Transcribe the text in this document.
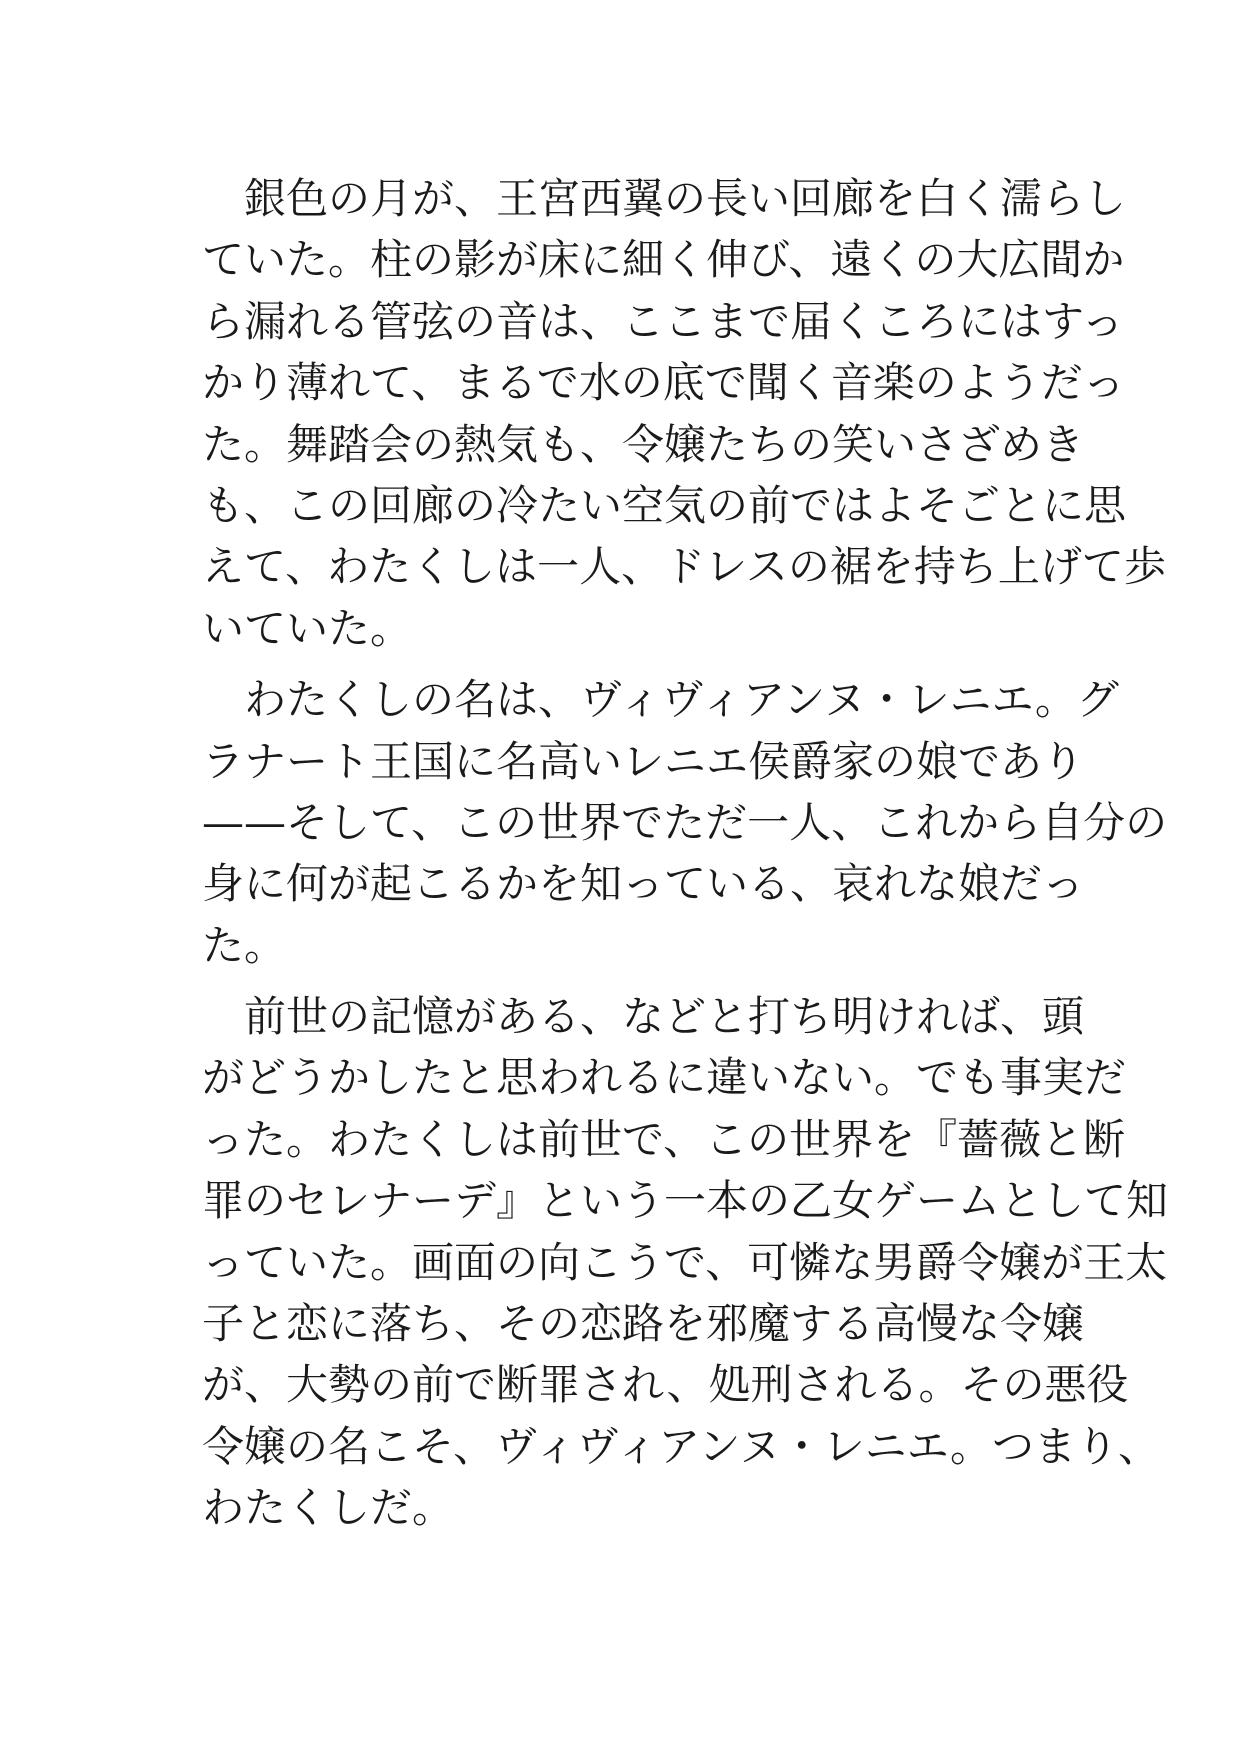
　銀色の月が、王宮西翼の長い回廊を白く濡らし
ていた。柱の影が床に細く伸び、遠くの大広間か
ら漏れる管弦の音は、ここまで届くころにはすっ
かり薄れて、まるで水の底で聞く音楽のようだっ
た。舞踏会の熱気も、令嬢たちの笑いさざめき
も、この回廊の冷たい空気の前ではよそごとに思
えて、わたくしは一人、ドレスの裾を持ち上げて歩
いていた。
　わたくしの名は、ヴィヴィアンヌ・レニエ。グ
ラナート王国に名高いレニエ侯爵家の娘であり
——そして、この世界でただ一人、これから自分の
身に何が起こるかを知っている、哀れな娘だっ
た。
　前世の記憶がある、などと打ち明ければ、頭
がどうかしたと思われるに違いない。でも事実だ
った。わたくしは前世で、この世界を『薔薇と断
罪のセレナーデ』という一本の乙女ゲームとして知
っていた。画面の向こうで、可憐な男爵令嬢が王太
子と恋に落ち、その恋路を邪魔する高慢な令嬢
が、大勢の前で断罪され、処刑される。その悪役
令嬢の名こそ、ヴィヴィアンヌ・レニエ。つまり、
わたくしだ。
